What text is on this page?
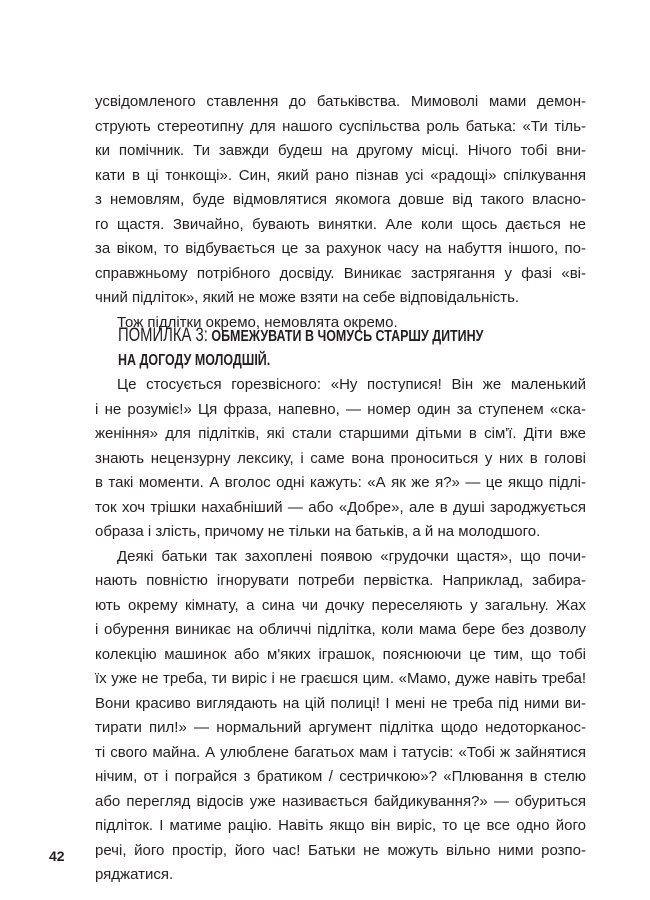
усвідомленого ставлення до батьківства. Мимоволі мами демон-
струють стереотипну для нашого суспільства роль батька: «Ти тіль-
ки помічник. Ти завжди будеш на другому місці. Нічого тобі вни-
кати в ці тонкощі». Син, який рано пізнав усі «радощі» спілкування
з немовлям, буде відмовлятися якомога довше від такого власно-
го щастя. Звичайно, бувають винятки. Але коли щось дається не
за віком, то відбувається це за рахунок часу на набуття іншого, по-
справжньому потрібного досвіду. Виникає застрягання у фазі «ві-
чний підліток», який не може взяти на себе відповідальність.
Тож підлітки окремо, немовлята окремо.
ПОМИЛКА 3: ОБМЕЖУВАТИ В ЧОМУСЬ СТАРШУ ДИТИНУ
НА ДОГОДУ МОЛОДШІЙ.
Це стосується горезвісного: «Ну поступися! Він же маленький
і не розуміє!» Ця фраза, напевно, — номер один за ступенем «ска-
женіння» для підлітків, які стали старшими дітьми в сім'ї. Діти вже
знають нецензурну лексику, і саме вона проноситься у них в голові
в такі моменти. А вголос одні кажуть: «А як же я?» — це якщо підлі-
ток хоч трішки нахабніший — або «Добре», але в душі зароджується
образа і злість, причому не тільки на батьків, а й на молодшого.
Деякі батьки так захоплені появою «грудочки щастя», що почи-
нають повністю ігнорувати потреби первістка. Наприклад, забира-
ють окрему кімнату, а сина чи дочку переселяють у загальну. Жах
і обурення виникає на обличчі підлітка, коли мама бере без дозволу
колекцію машинок або м'яких іграшок, пояснюючи це тим, що тобі
їх уже не треба, ти виріс і не граєшся цим. «Мамо, дуже навіть треба!
Вони красиво виглядають на цій полиці! І мені не треба під ними ви-
тирати пил!» — нормальний аргумент підлітка щодо недоторканос-
ті свого майна. А улюблене багатьох мам і татусів: «Тобі ж зайнятися
нічим, от і пограйся з братиком / сестричкою»? «Плювання в стелю
або перегляд відосів уже називається байдикування?» — обуриться
підліток. І матиме рацію. Навіть якщо він виріс, то це все одно його
речі, його простір, його час! Батьки не можуть вільно ними розпо-
ряджатися.
42
